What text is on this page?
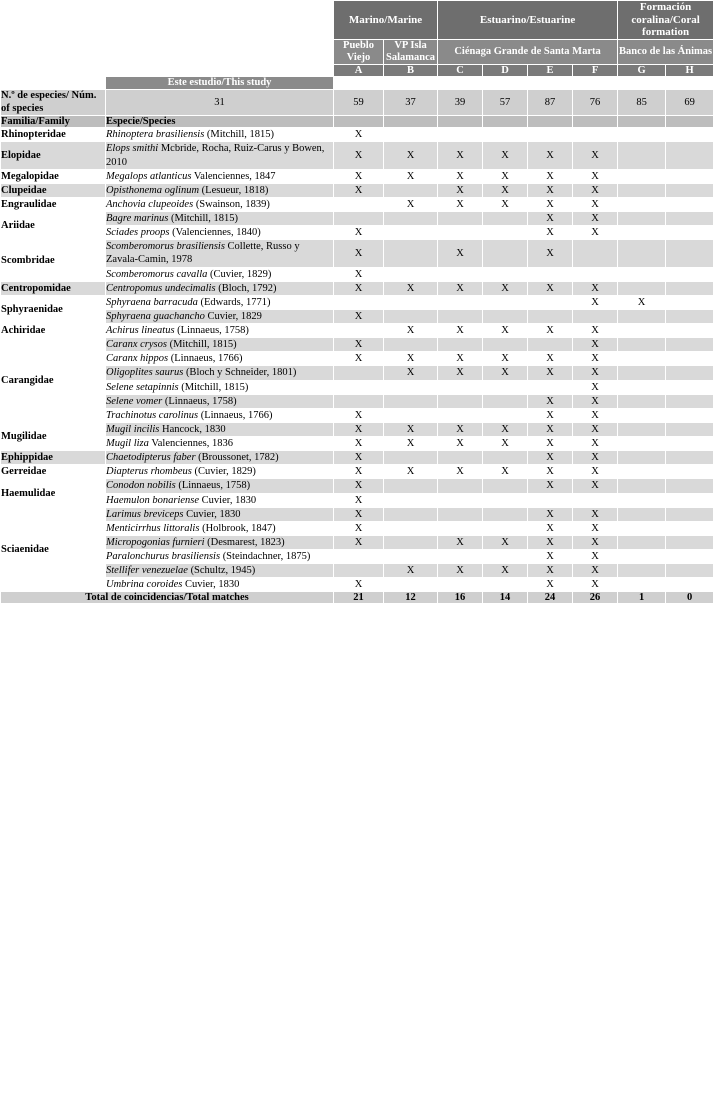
		Marino/Marine		Estuarino/Estuarine				Formación coralina/Coral formation	
		Pueblo Viejo	VP Isla Salamanca	Ciénaga Grande de Santa Marta				Banco de las Ánimas	
		A	B	C	D	E	F	G	H
	Este estudio/This study								
N.º de especies/ Núm. of species	31	59	37	39	57	87	76	85	69
Familia/Family	Especie/Species								
Rhinopteridae	Rhinoptera brasiliensis (Mitchill, 1815)	X							
Elopidae	Elops smithi Mcbride, Rocha, Ruiz-Carus y Bowen, 2010	X	X	X	X	X	X		
Megalopidae	Megalops atlanticus Valenciennes, 1847	X	X	X	X	X	X		
Clupeidae	Opisthonema oglinum (Lesueur, 1818)	X		X	X	X	X		
Engraulidae	Anchovia clupeoides (Swainson, 1839)		X	X	X	X	X		
Ariidae	Bagre marinus (Mitchill, 1815)					X	X		
	Sciades proops (Valenciennes, 1840)	X				X	X		
Scombridae	Scomberomorus brasiliensis Collette, Russo y Zavala-Camin, 1978	X		X		X			
	Scomberomorus cavalla (Cuvier, 1829)	X							
Centropomidae	Centropomus undecimalis (Bloch, 1792)	X	X	X	X	X	X		
Sphyraenidae	Sphyraena barracuda (Edwards, 1771)						X	X	
	Sphyraena guachancho Cuvier, 1829	X							
Achiridae	Achirus lineatus (Linnaeus, 1758)		X	X	X	X	X		
Carangidae	Caranx crysos (Mitchill, 1815)	X					X		
	Caranx hippos (Linnaeus, 1766)	X	X	X	X	X	X		
	Oligoplites saurus (Bloch y Schneider, 1801)		X	X	X	X	X		
	Selene setapinnis (Mitchill, 1815)						X		
	Selene vomer (Linnaeus, 1758)					X	X		
	Trachinotus carolinus (Linnaeus, 1766)	X				X	X		
Mugilidae	Mugil incilis Hancock, 1830	X	X	X	X	X	X		
	Mugil liza Valenciennes, 1836	X	X	X	X	X	X		
Ephippidae	Chaetodipterus faber (Broussonet, 1782)	X				X	X		
Gerreidae	Diapterus rhombeus (Cuvier, 1829)	X	X	X	X	X	X		
Haemulidae	Conodon nobilis (Linnaeus, 1758)	X				X	X		
	Haemulon bonariense Cuvier, 1830	X							
Sciaenidae	Larimus breviceps Cuvier, 1830	X				X	X		
	Menticirrhus littoralis (Holbrook, 1847)	X				X	X		
	Micropogonias furnieri (Desmarest, 1823)	X		X	X	X	X		
	Paralonchurus brasiliensis (Steindachner, 1875)					X	X		
	Stellifer venezuelae (Schultz, 1945)		X	X	X	X	X		
	Umbrina coroides Cuvier, 1830	X				X	X		
Total de coincidencias/Total matches		21	12	16	14	24	26	1	0
